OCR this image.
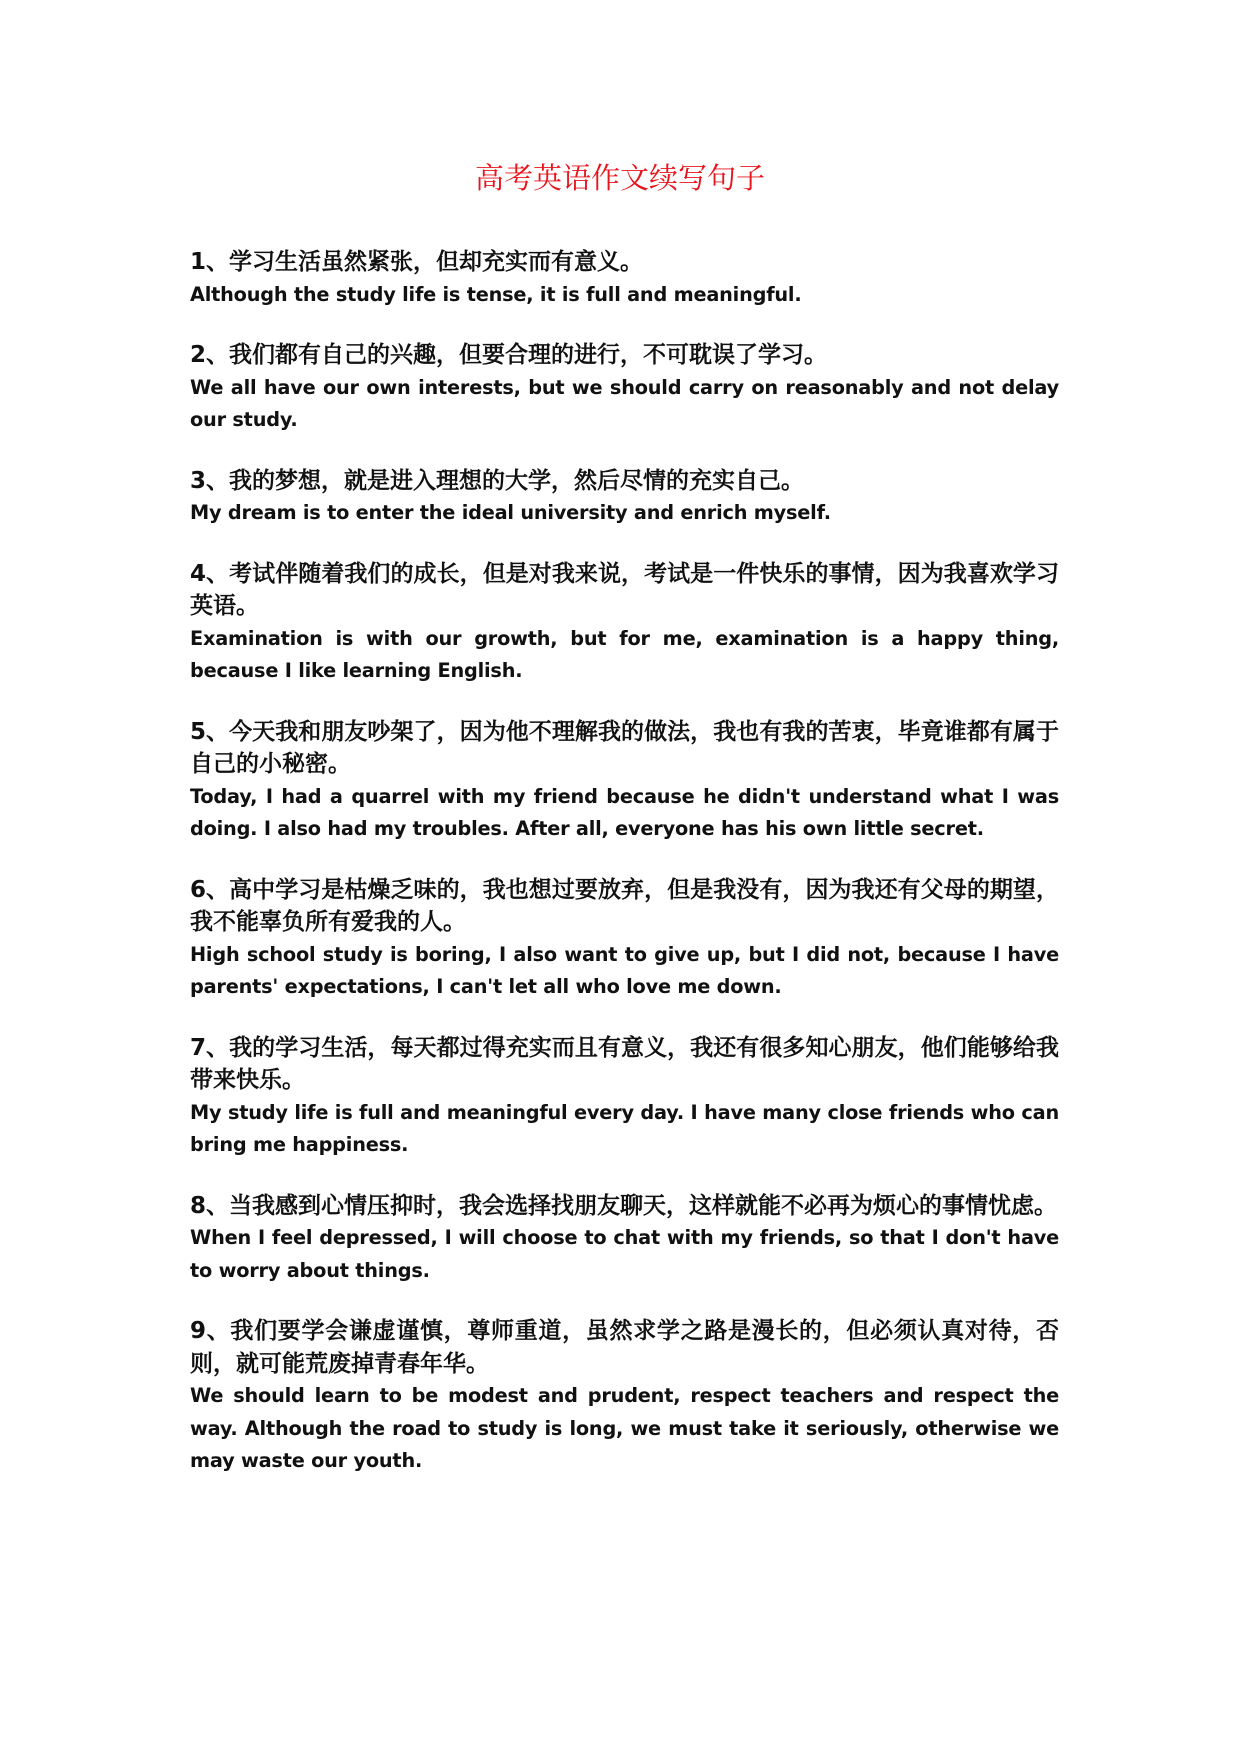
高考英语作文续写句子

1、学习生活虽然紧张，但却充实而有意义。

Although the study life is tense, it is full and meaningful.

2、我们都有自己的兴趣，但要合理的进行，不可耽误了学习。

We all have our own interests, but we should carry on reasonably and not delay our study.

3、我的梦想，就是进入理想的大学，然后尽情的充实自己。

My dream is to enter the ideal university and enrich myself.

4、考试伴随着我们的成长，但是对我来说，考试是一件快乐的事情，因为我喜欢学习英语。

Examination is with our growth, but for me, examination is a happy thing, because I like learning English.

5、今天我和朋友吵架了，因为他不理解我的做法，我也有我的苦衷，毕竟谁都有属于自己的小秘密。

Today, I had a quarrel with my friend because he didn't understand what I was doing. I also had my troubles. After all, everyone has his own little secret.

6、高中学习是枯燥乏味的，我也想过要放弃，但是我没有，因为我还有父母的期望，我不能辜负所有爱我的人。

High school study is boring, I also want to give up, but I did not, because I have parents' expectations, I can't let all who love me down.

7、我的学习生活，每天都过得充实而且有意义，我还有很多知心朋友，他们能够给我带来快乐。

My study life is full and meaningful every day. I have many close friends who can bring me happiness.

8、当我感到心情压抑时，我会选择找朋友聊天，这样就能不必再为烦心的事情忧虑。

When I feel depressed, I will choose to chat with my friends, so that I don't have to worry about things.

9、我们要学会谦虚谨慎，尊师重道，虽然求学之路是漫长的，但必须认真对待，否则，就可能荒废掉青春年华。

We should learn to be modest and prudent, respect teachers and respect the way. Although the road to study is long, we must take it seriously, otherwise we may waste our youth.
